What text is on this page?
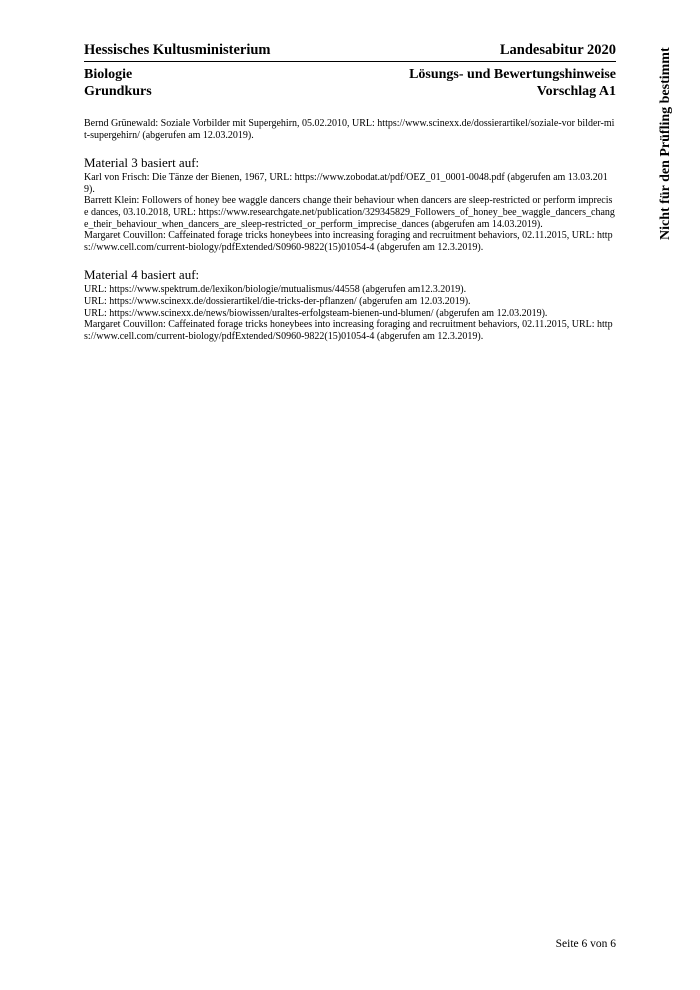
Hessisches Kultusministerium	Landesabitur 2020
Biologie
Grundkurs
Lösungs- und Bewertungshinweise
Vorschlag A1

Bernd Grünewald: Soziale Vorbilder mit Supergehirn, 05.02.2010, URL: https://www.scinexx.de/dossierartikel/soziale-vor bilder-mit-supergehirn/ (abgerufen am 12.03.2019).

Material 3 basiert auf:

Karl von Frisch: Die Tänze der Bienen, 1967, URL: https://www.zobodat.at/pdf/OEZ_01_0001-0048.pdf (abgerufen am 13.03.2019).

Barrett Klein: Followers of honey bee waggle dancers change their behaviour when dancers are sleep-restricted or perform imprecise dances, 03.10.2018, URL: https://www.researchgate.net/publication/329345829_Followers_of_honey_bee_waggle_dancers_change_their_behaviour_when_dancers_are_sleep-restricted_or_perform_imprecise_dances (abgerufen am 14.03.2019).

Margaret Couvillon: Caffeinated forage tricks honeybees into increasing foraging and recruitment behaviors, 02.11.2015, URL: https://www.cell.com/current-biology/pdfExtended/S0960-9822(15)01054-4 (abgerufen am 12.3.2019).

Material 4 basiert auf:

URL: https://www.spektrum.de/lexikon/biologie/mutualismus/44558 (abgerufen am12.3.2019).

URL: https://www.scinexx.de/dossierartikel/die-tricks-der-pflanzen/ (abgerufen am 12.03.2019).

URL: https://www.scinexx.de/news/biowissen/uraltes-erfolgsteam-bienen-und-blumen/ (abgerufen am 12.03.2019).

Margaret Couvillon: Caffeinated forage tricks honeybees into increasing foraging and recruitment behaviors, 02.11.2015, URL: https://www.cell.com/current-biology/pdfExtended/S0960-9822(15)01054-4 (abgerufen am 12.3.2019).

Nicht für den Prüfling bestimmt
Seite 6 von 6
